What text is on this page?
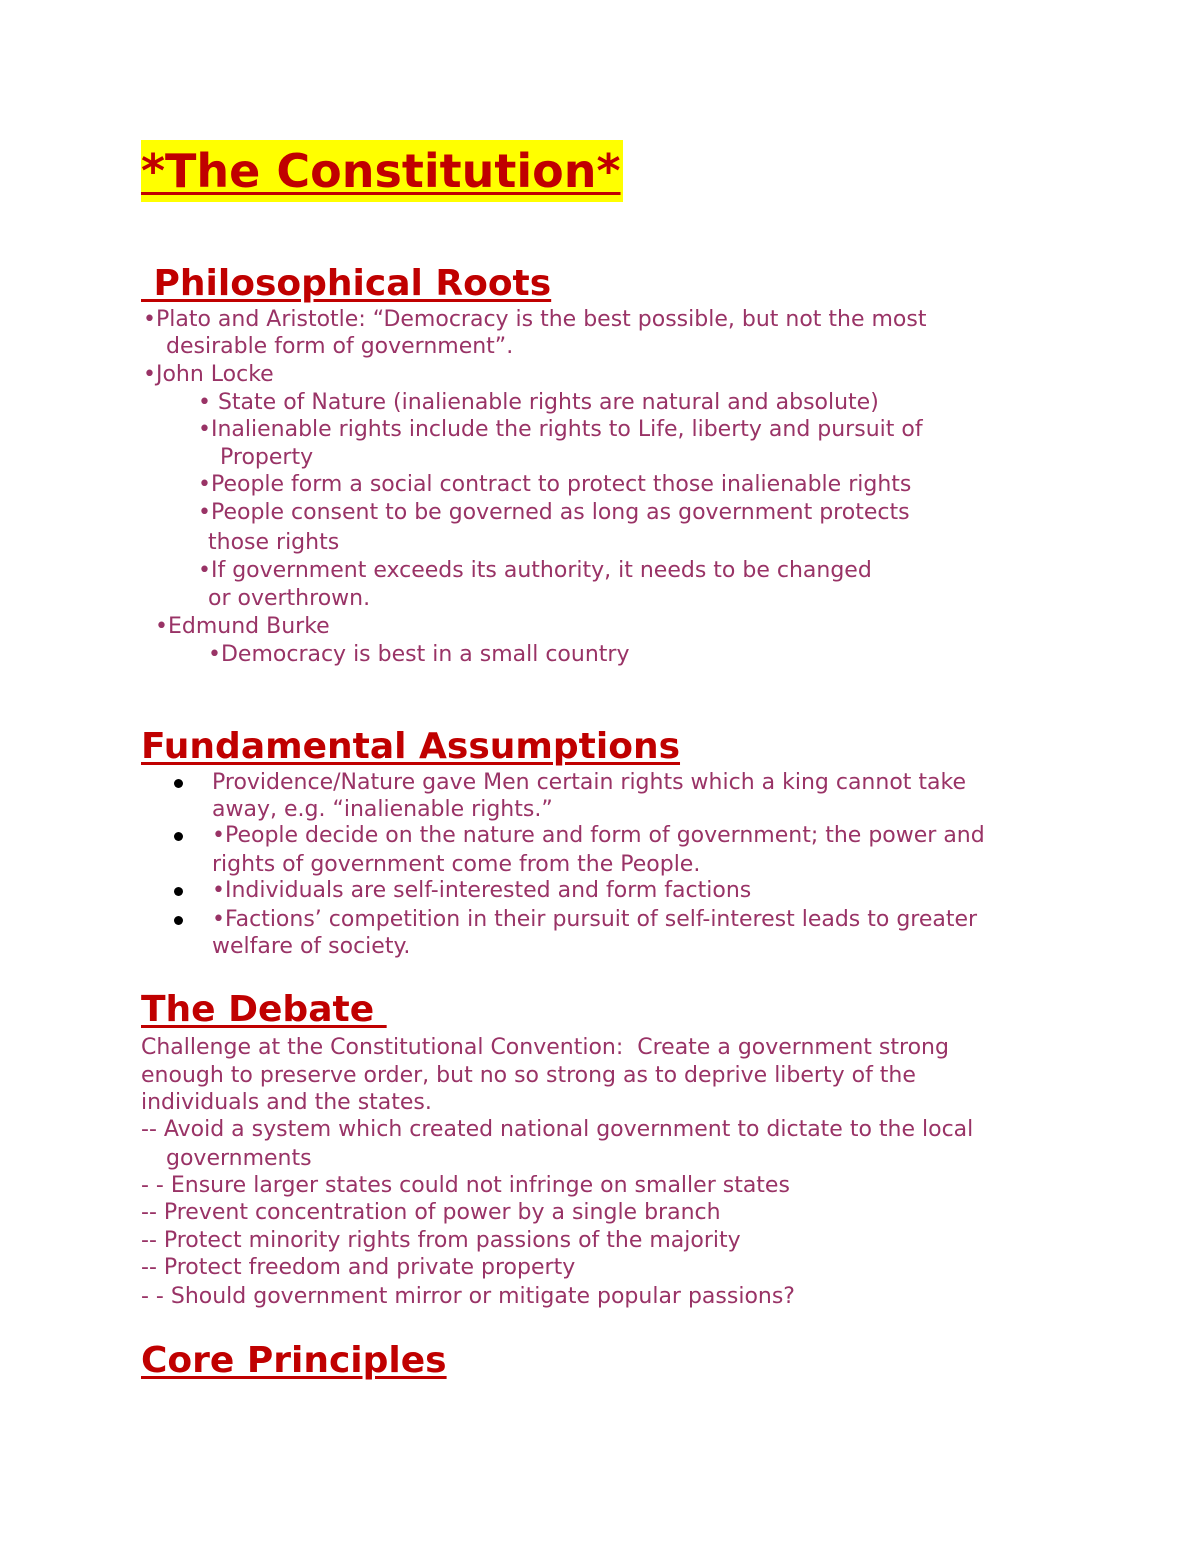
*The Constitution*
Philosophical Roots
•Plato and Aristotle: “Democracy is the best possible, but not the most
desirable form of government”.
•John Locke
• State of Nature (inalienable rights are natural and absolute)
•Inalienable rights include the rights to Life, liberty and pursuit of
Property
•People form a social contract to protect those inalienable rights
•People consent to be governed as long as government protects
those rights
•If government exceeds its authority, it needs to be changed
or overthrown.
•Edmund Burke
•Democracy is best in a small country
Fundamental Assumptions
Providence/Nature gave Men certain rights which a king cannot take
away, e.g. “inalienable rights.”
•People decide on the nature and form of government; the power and
rights of government come from the People.
•Individuals are self-interested and form factions
•Factions’ competition in their pursuit of self-interest leads to greater
welfare of society.
The Debate
Challenge at the Constitutional Convention:  Create a government strong
enough to preserve order, but no so strong as to deprive liberty of the
individuals and the states.
-- Avoid a system which created national government to dictate to the local
governments
- - Ensure larger states could not infringe on smaller states
-- Prevent concentration of power by a single branch
-- Protect minority rights from passions of the majority
-- Protect freedom and private property
- - Should government mirror or mitigate popular passions?
Core Principles
